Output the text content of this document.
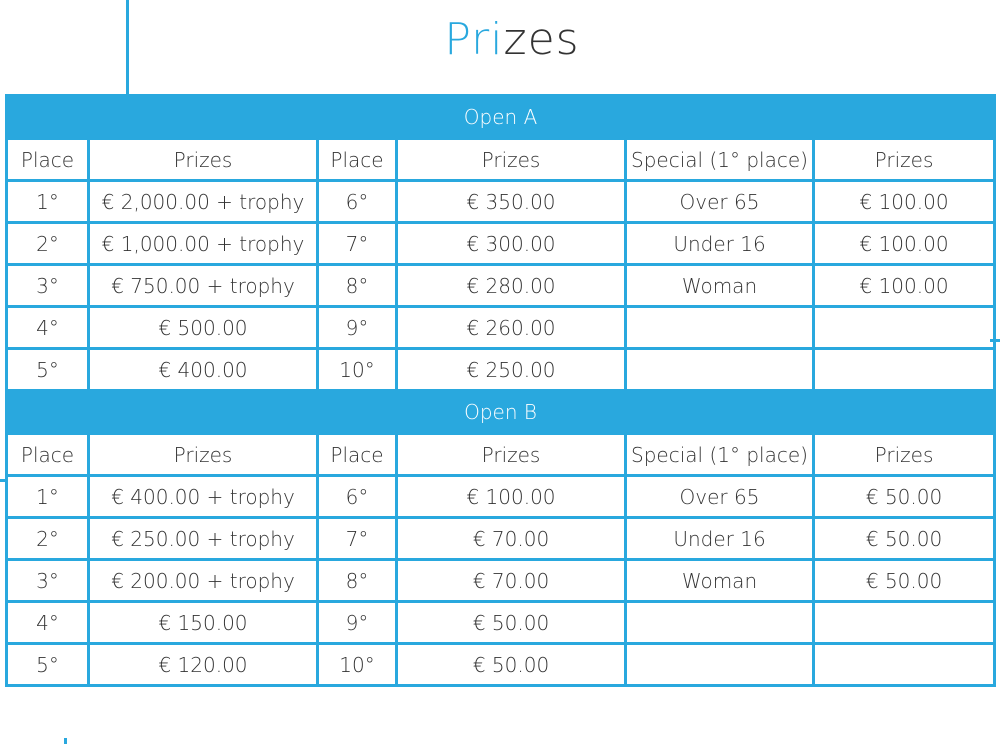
Prizes
Open A					
Place	Prizes	Place	Prizes	Special (1° place)	Prizes
1°	€ 2,000.00 + trophy	6°	€ 350.00	Over 65	€ 100.00
2°	€ 1,000.00 + trophy	7°	€ 300.00	Under 16	€ 100.00
3°	€ 750.00 + trophy	8°	€ 280.00	Woman	€ 100.00
4°	€ 500.00	9°	€ 260.00		
5°	€ 400.00	10°	€ 250.00		
Open B					
Place	Prizes	Place	Prizes	Special (1° place)	Prizes
1°	€ 400.00 + trophy	6°	€ 100.00	Over 65	€ 50.00
2°	€ 250.00 + trophy	7°	€ 70.00	Under 16	€ 50.00
3°	€ 200.00 + trophy	8°	€ 70.00	Woman	€ 50.00
4°	€ 150.00	9°	€ 50.00		
5°	€ 120.00	10°	€ 50.00		
